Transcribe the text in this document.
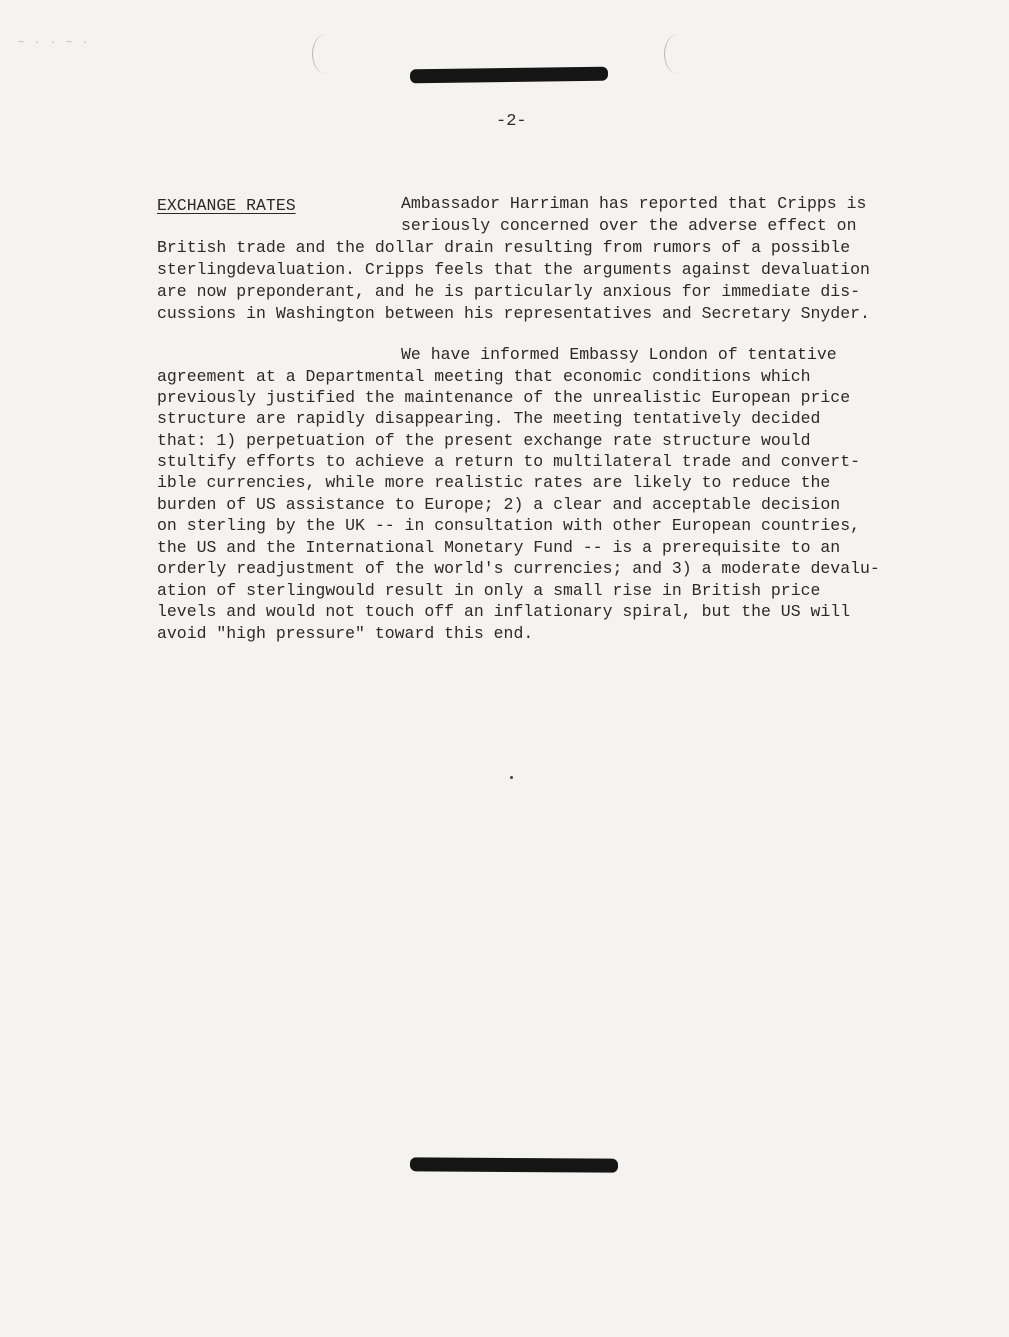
~ · · ~ ·
-2-
EXCHANGE RATES	Ambassador Harriman has reported that Cripps is
seriously concerned over the adverse effect on
British trade and the dollar drain resulting from rumors of a possible
sterlingdevaluation. Cripps feels that the arguments against devaluation
are now preponderant, and he is particularly anxious for immediate dis-
cussions in Washington between his representatives and Secretary Snyder.
We have informed Embassy London of tentative
agreement at a Departmental meeting that economic conditions which
previously justified the maintenance of the unrealistic European price
structure are rapidly disappearing. The meeting tentatively decided
that: 1) perpetuation of the present exchange rate structure would
stultify efforts to achieve a return to multilateral trade and convert-
ible currencies, while more realistic rates are likely to reduce the
burden of US assistance to Europe; 2) a clear and acceptable decision
on sterling by the UK -- in consultation with other European countries,
the US and the International Monetary Fund -- is a prerequisite to an
orderly readjustment of the world's currencies; and 3) a moderate devalu-
ation of sterlingwould result in only a small rise in British price
levels and would not touch off an inflationary spiral, but the US will
avoid "high pressure" toward this end.
